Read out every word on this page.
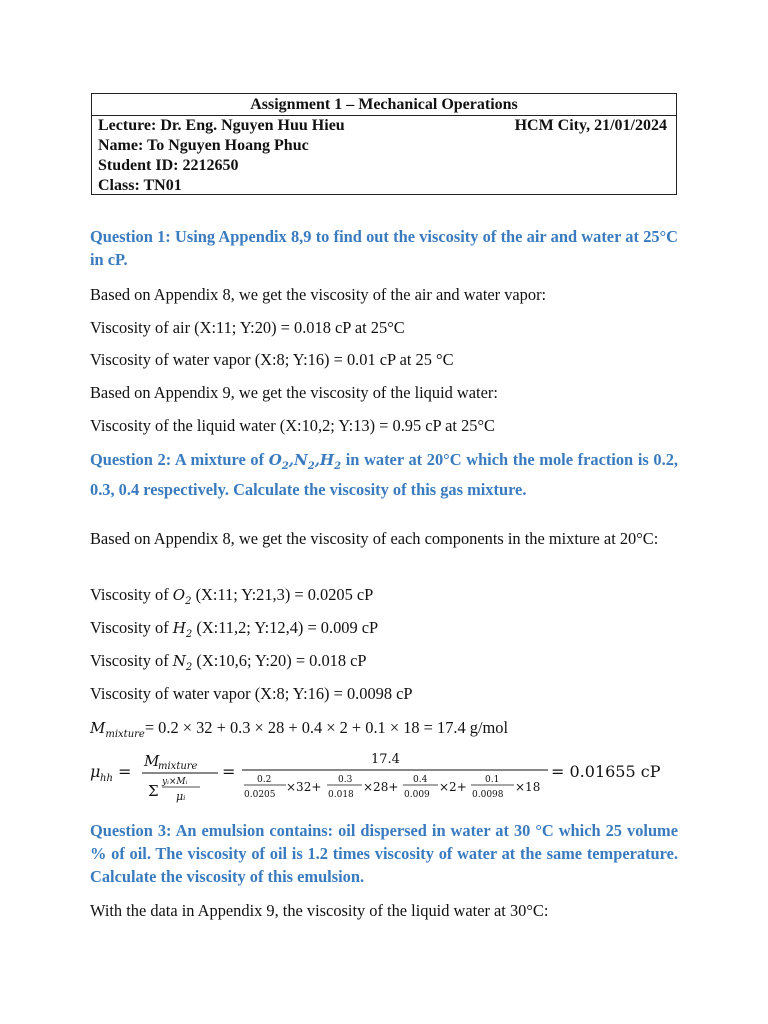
Assignment 1 – Mechanical Operations
Lecture: Dr. Eng. Nguyen Huu Hieu	HCM City, 21/01/2024
Name: To Nguyen Hoang Phuc
Student ID: 2212650
Class: TN01
Question 1: Using Appendix 8,9 to find out the viscosity of the air and water at 25°C in cP.
Based on Appendix 8, we get the viscosity of the air and water vapor:
Viscosity of air (X:11; Y:20) = 0.018 cP at 25°C
Viscosity of water vapor (X:8; Y:16) = 0.01 cP at 25 °C
Based on Appendix 9, we get the viscosity of the liquid water:
Viscosity of the liquid water (X:10,2; Y:13) = 0.95 cP at 25°C
Question 2: A mixture of $O_2,N_2,H_2$ in water at 20°C which the mole fraction is 0.2, 0.3, 0.4 respectively. Calculate the viscosity of this gas mixture.
Based on Appendix 8, we get the viscosity of each components in the mixture at 20°C:
Viscosity of $O_2$ (X:11; Y:21,3) = 0.0205 cP
Viscosity of $H_2$ (X:11,2; Y:12,4) = 0.009 cP
Viscosity of $N_2$ (X:10,6; Y:20) = 0.018 cP
Viscosity of water vapor (X:8; Y:16) = 0.0098 cP
$M_{mixture}= 0.2 \times 32 + 0.3 \times 28 + 0.4 \times 2 + 0.1 \times 18 = 17.4$ g/mol
μ hh =
M
mixture
Σ yᵢ×Mᵢ
μᵢ
=
17.4
0.2
0.0205
×32+ 0.3
0.018
×28+ 0.4
0.009
×2+ 0.1
0.0098
×18
= 0.01655 cP
Question 3: An emulsion contains: oil dispersed in water at 30 °C which 25 volume % of oil. The viscosity of oil is 1.2 times viscosity of water at the same temperature. Calculate the viscosity of this emulsion.
With the data in Appendix 9, the viscosity of the liquid water at 30°C:
